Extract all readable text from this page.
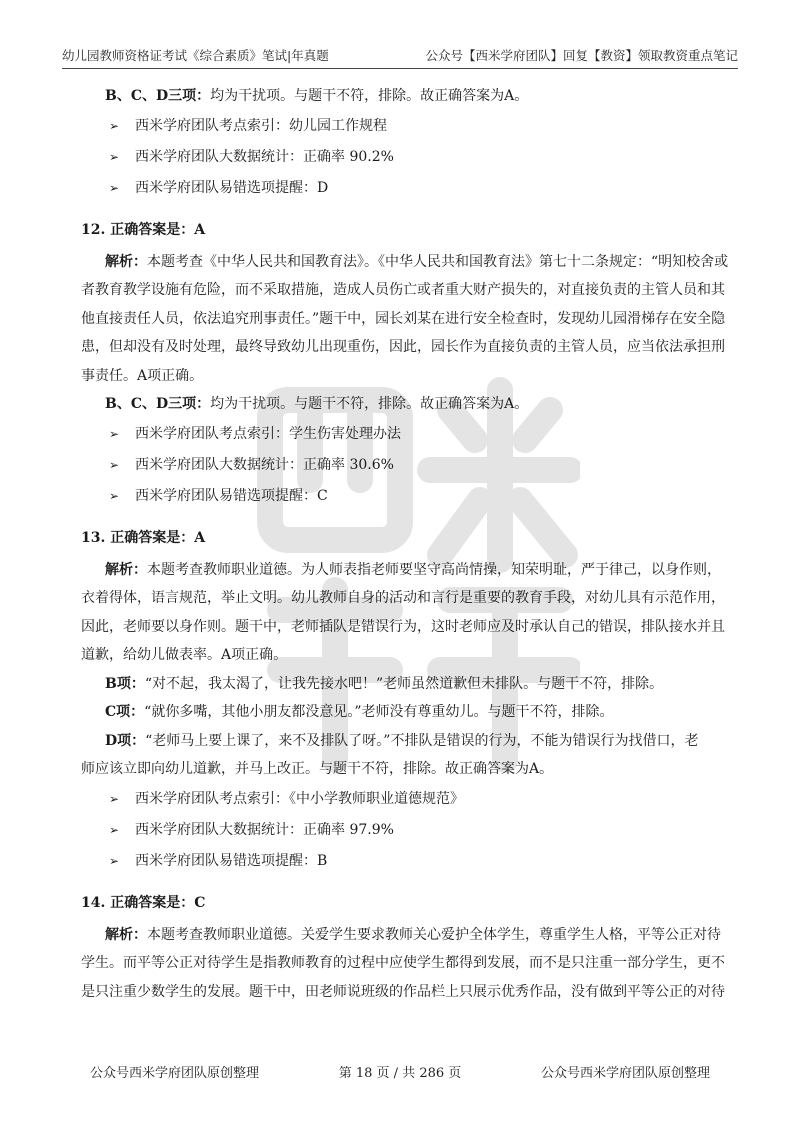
幼儿园教师资格证考试《综合素质》笔试|年真题	公众号【西米学府团队】回复【教资】领取教资重点笔记

B、C、D三项：均为干扰项。与题干不符，排除。故正确答案为A。

➢	西米学府团队考点索引：幼儿园工作规程

➢	西米学府团队大数据统计：正确率 90.2%

➢	西米学府团队易错选项提醒：D

12. 正确答案是：A

解析：本题考查《中华人民共和国教育法》。《中华人民共和国教育法》第七十二条规定：“明知校舍或

者教育教学设施有危险，而不采取措施，造成人员伤亡或者重大财产损失的，对直接负责的主管人员和其

他直接责任人员，依法追究刑事责任。”题干中，园长刘某在进行安全检查时，发现幼儿园滑梯存在安全隐

患，但却没有及时处理，最终导致幼儿出现重伤，因此，园长作为直接负责的主管人员，应当依法承担刑

事责任。A项正确。

B、C、D三项：均为干扰项。与题干不符，排除。故正确答案为A。

➢	西米学府团队考点索引：学生伤害处理办法

➢	西米学府团队大数据统计：正确率 30.6%

➢	西米学府团队易错选项提醒：C

13. 正确答案是：A

解析：本题考查教师职业道德。为人师表指老师要坚守高尚情操，知荣明耻，严于律己，以身作则，

衣着得体，语言规范，举止文明。幼儿教师自身的活动和言行是重要的教育手段，对幼儿具有示范作用，

因此，老师要以身作则。题干中，老师插队是错误行为，这时老师应及时承认自己的错误，排队接水并且

道歉，给幼儿做表率。A项正确。

B项：“对不起，我太渴了，让我先接水吧！”老师虽然道歉但未排队。与题干不符，排除。

C项：“就你多嘴，其他小朋友都没意见。”老师没有尊重幼儿。与题干不符，排除。

D项：“老师马上要上课了，来不及排队了呀。”不排队是错误的行为，不能为错误行为找借口，老

师应该立即向幼儿道歉，并马上改正。与题干不符，排除。故正确答案为A。

➢	西米学府团队考点索引：《中小学教师职业道德规范》

➢	西米学府团队大数据统计：正确率 97.9%

➢	西米学府团队易错选项提醒：B

14. 正确答案是：C

解析：本题考查教师职业道德。关爱学生要求教师关心爱护全体学生，尊重学生人格，平等公正对待

学生。而平等公正对待学生是指教师教育的过程中应使学生都得到发展，而不是只注重一部分学生，更不

是只注重少数学生的发展。题干中，田老师说班级的作品栏上只展示优秀作品，没有做到平等公正的对待

公众号西米学府团队原创整理	第 18 页 / 共 286 页	公众号西米学府团队原创整理
